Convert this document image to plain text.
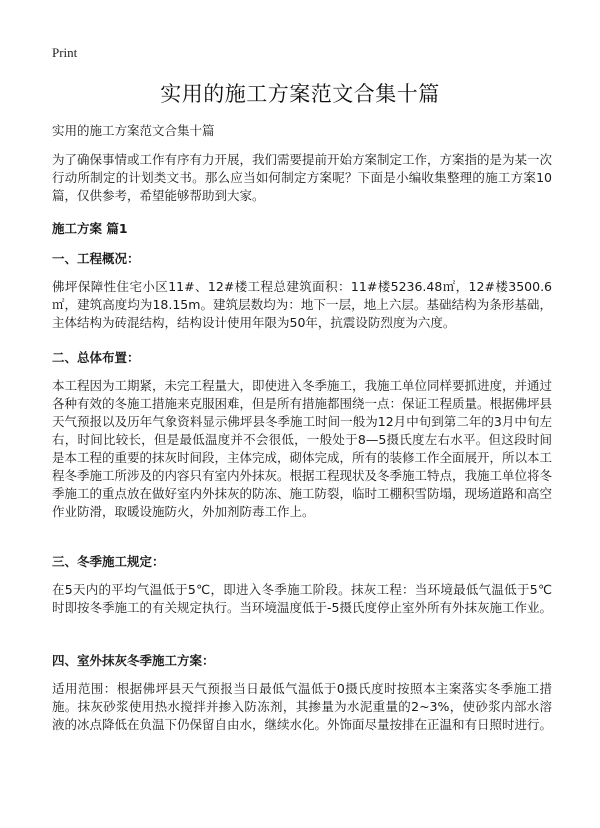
Print
实用的施工方案范文合集十篇

实用的施工方案范文合集十篇

为了确保事情或工作有序有力开展，我们需要提前开始方案制定工作，方案指的是为某一次行动所制定的计划类文书。那么应当如何制定方案呢？下面是小编收集整理的施工方案10篇，仅供参考，希望能够帮助到大家。

施工方案 篇1

一、工程概况：

佛坪保障性住宅小区11#、12#楼工程总建筑面积：11#楼5236.48㎡，12#楼3500.6㎡，建筑高度均为18.15m。建筑层数均为：地下一层，地上六层。基础结构为条形基础，主体结构为砖混结构，结构设计使用年限为50年，抗震设防烈度为六度。

二、总体布置：

本工程因为工期紧，未完工程量大，即使进入冬季施工，我施工单位同样要抓进度，并通过各种有效的冬施工措施来克服困难，但是所有措施都围绕一点：保证工程质量。根据佛坪县天气预报以及历年气象资料显示佛坪县冬季施工时间一般为12月中旬到第二年的3月中旬左右，时间比较长，但是最低温度并不会很低，一般处于8—5摄氏度左右水平。但这段时间是本工程的重要的抹灰时间段，主体完成，砌体完成，所有的装修工作全面展开，所以本工程冬季施工所涉及的内容只有室内外抹灰。根据工程现状及冬季施工特点，我施工单位将冬季施工的重点放在做好室内外抹灰的防冻、施工防裂，临时工棚积雪防塌，现场道路和高空作业防滑，取暖设施防火，外加剂防毒工作上。

三、冬季施工规定：

在5天内的平均气温低于5℃，即进入冬季施工阶段。抹灰工程：当环境最低气温低于5℃时即按冬季施工的有关规定执行。当环境温度低于-5摄氏度停止室外所有外抹灰施工作业。

四、室外抹灰冬季施工方案：

适用范围：根据佛坪县天气预报当日最低气温低于0摄氏度时按照本主案落实冬季施工措施。抹灰砂浆使用热水搅拌并掺入防冻剂，其掺量为水泥重量的2~3%，使砂浆内部水溶液的冰点降低在负温下仍保留自由水，继续水化。外饰面尽量按排在正温和有日照时进行。
